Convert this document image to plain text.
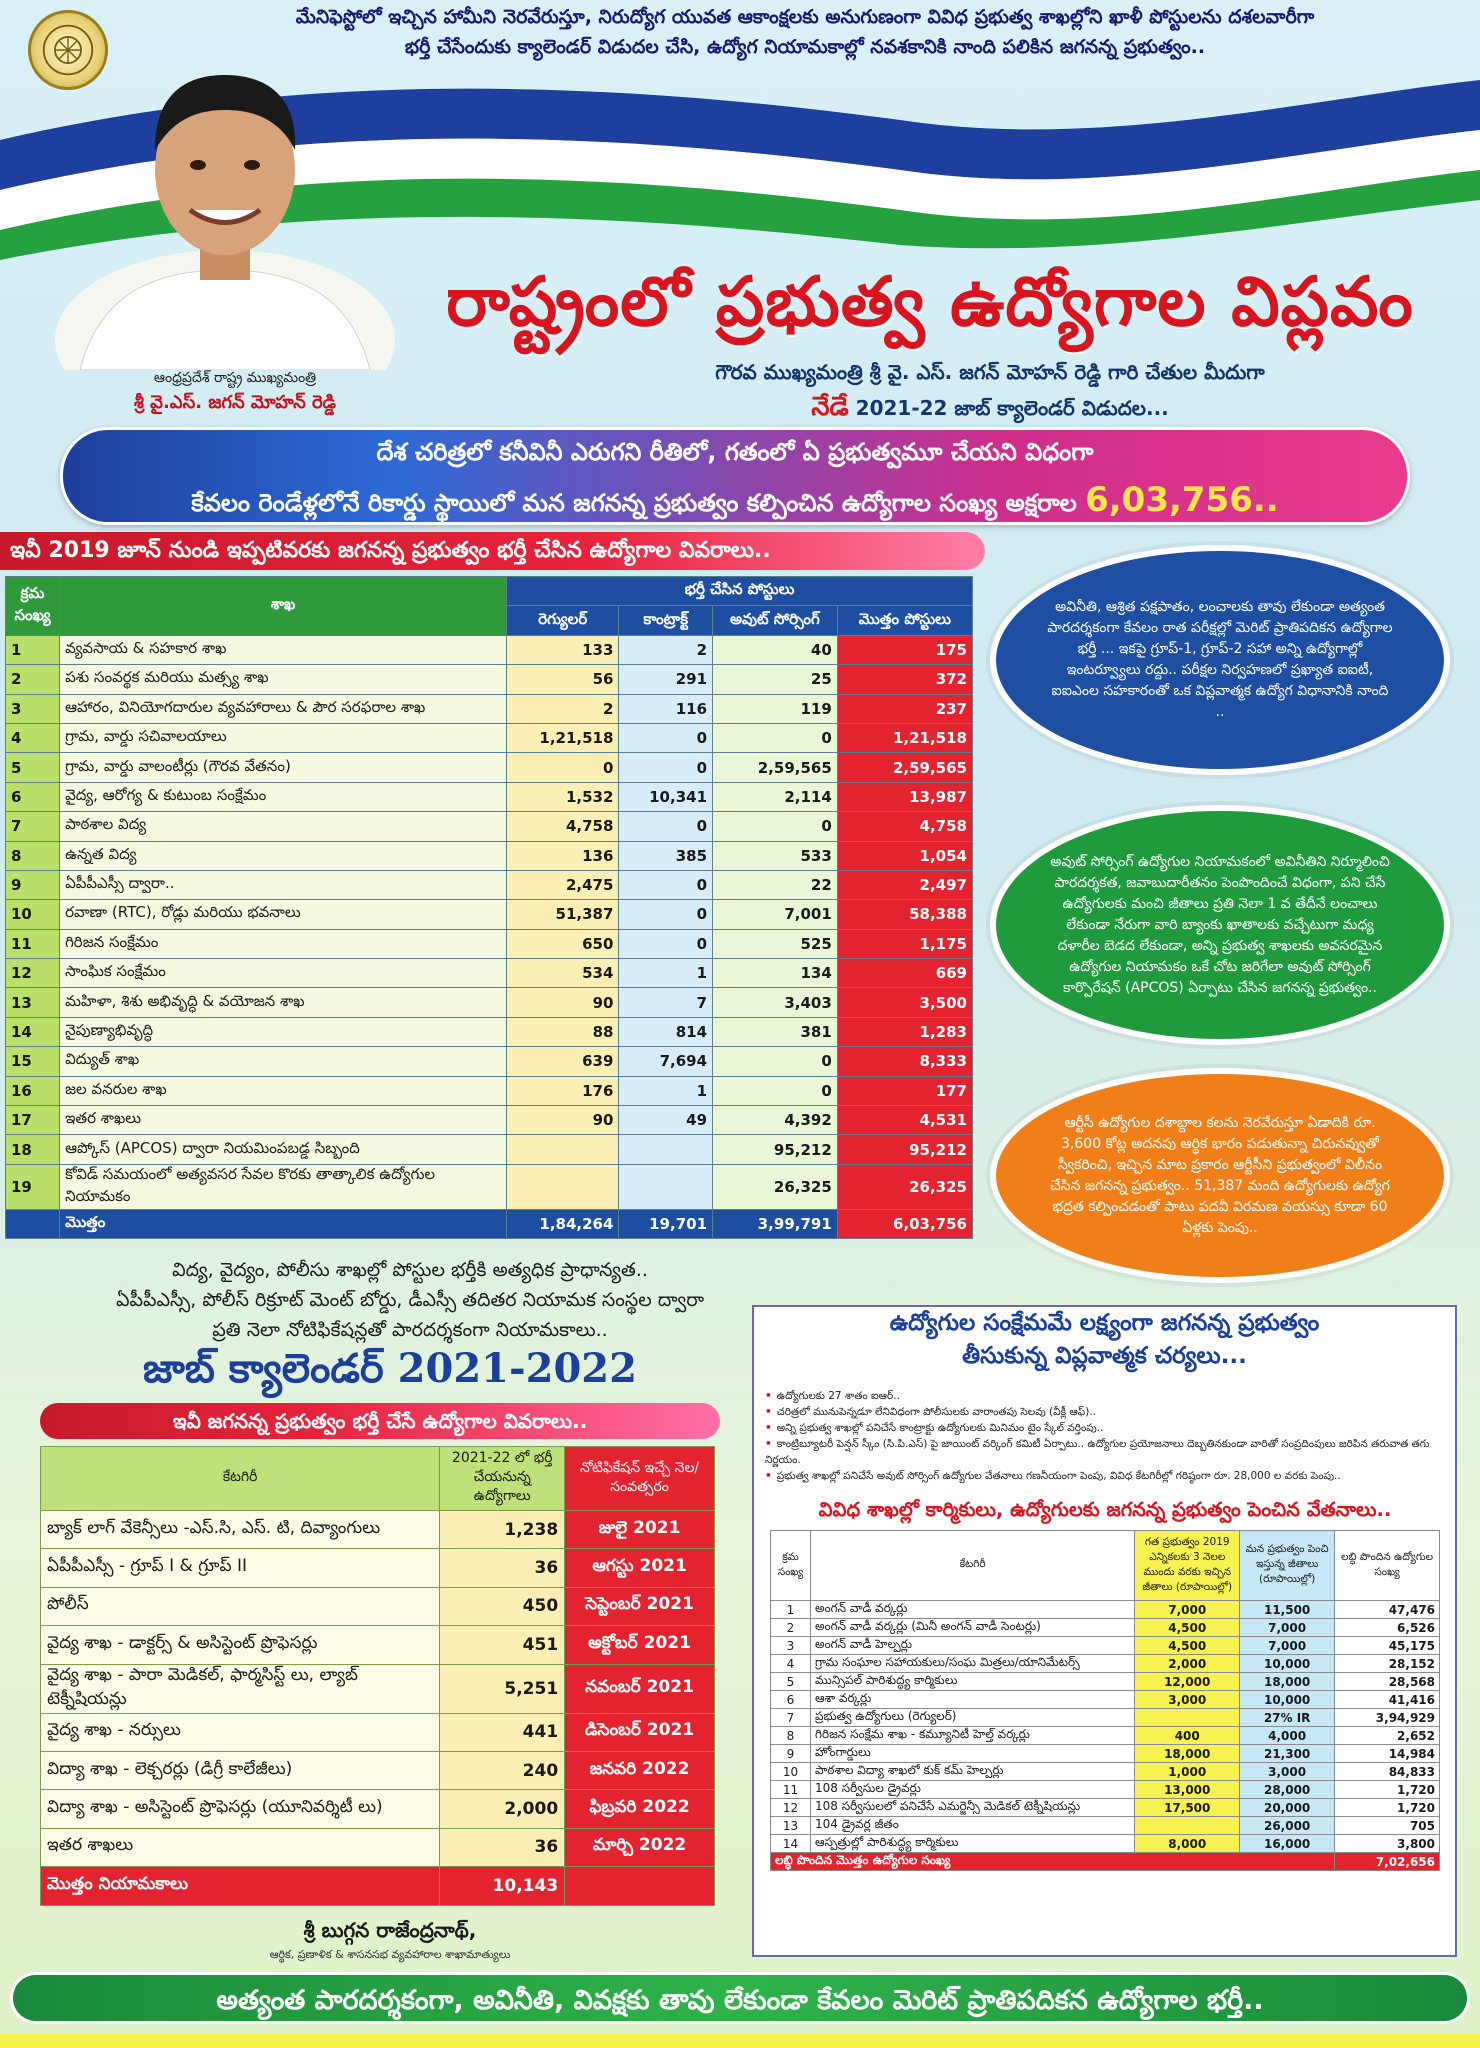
మేనిఫెస్టోలో ఇచ్చిన హామీని నెరవేరుస్తూ, నిరుద్యోగ యువత ఆకాంక్షలకు అనుగుణంగా వివిధ ప్రభుత్వ శాఖల్లోని ఖాళీ పోస్టులను దశలవారీగా
భర్తీ చేసేందుకు క్యాలెండర్ విడుదల చేసి, ఉద్యోగ నియామకాల్లో నవశకానికి నాంది పలికిన జగనన్న ప్రభుత్వం..
ఆంధ్రప్రదేశ్ రాష్ట్ర ముఖ్యమంత్రి
శ్రీ వై.ఎస్. జగన్ మోహన్ రెడ్డి
రాష్ట్రంలో ప్రభుత్వ ఉద్యోగాల విప్లవం
గౌరవ ముఖ్యమంత్రి శ్రీ వై. ఎస్. జగన్ మోహన్ రెడ్డి గారి చేతుల మీదుగా
నేడే 2021-22 జాబ్ క్యాలెండర్ విడుదల...
దేశ చరిత్రలో కనీవినీ ఎరుగని రీతిలో, గతంలో ఏ ప్రభుత్వమూ చేయని విధంగా
కేవలం రెండేళ్లలోనే రికార్డు స్థాయిలో మన జగనన్న ప్రభుత్వం కల్పించిన ఉద్యోగాల సంఖ్య అక్షరాల 6,03,756..
ఇవీ 2019 జూన్ నుండి ఇప్పటివరకు జగనన్న ప్రభుత్వం భర్తీ చేసిన ఉద్యోగాల వివరాలు..
క్రమ సంఖ్య	శాఖ	భర్తీ చేసిన పోస్టులు			
		రెగ్యులర్	కాంట్రాక్ట్	అవుట్ సోర్సింగ్	మొత్తం పోస్టులు
1	వ్యవసాయ & సహకార శాఖ	133	2	40	175
2	పశు సంవర్థక మరియు మత్స్య శాఖ	56	291	25	372
3	ఆహారం, వినియోగదారుల వ్యవహారాలు & పౌర సరఫరాల శాఖ	2	116	119	237
4	గ్రామ, వార్డు సచివాలయాలు	1,21,518	0	0	1,21,518
5	గ్రామ, వార్డు వాలంటీర్లు (గౌరవ వేతనం)	0	0	2,59,565	2,59,565
6	వైద్య, ఆరోగ్య & కుటుంబ సంక్షేమం	1,532	10,341	2,114	13,987
7	పాఠశాల విద్య	4,758	0	0	4,758
8	ఉన్నత విద్య	136	385	533	1,054
9	ఏపీపీఎస్సీ ద్వారా..	2,475	0	22	2,497
10	రవాణా (RTC), రోడ్లు మరియు భవనాలు	51,387	0	7,001	58,388
11	గిరిజన సంక్షేమం	650	0	525	1,175
12	సాంఘిక సంక్షేమం	534	1	134	669
13	మహిళా, శిశు అభివృద్ధి & వయోజన శాఖ	90	7	3,403	3,500
14	నైపుణ్యాభివృద్ధి	88	814	381	1,283
15	విద్యుత్ శాఖ	639	7,694	0	8,333
16	జల వనరుల శాఖ	176	1	0	177
17	ఇతర శాఖలు	90	49	4,392	4,531
18	ఆప్కోస్ (APCOS) ద్వారా నియమింపబడ్డ సిబ్బంది			95,212	95,212
19	కోవిడ్ సమయంలో అత్యవసర సేవల కొరకు తాత్కాలిక ఉద్యోగుల నియామకం			26,325	26,325
	మొత్తం	1,84,264	19,701	3,99,791	6,03,756
అవినీతి, ఆశ్రిత పక్షపాతం, లంచాలకు తావు లేకుండా అత్యంత పారదర్శకంగా కేవలం రాత పరీక్షల్లో మెరిట్ ప్రాతిపదికన ఉద్యోగాల భర్తీ ... ఇకపై గ్రూప్-1, గ్రూప్-2 సహా అన్ని ఉద్యోగాల్లో ఇంటర్వ్యూలు రద్దు.. పరీక్షల నిర్వహణలో ప్రఖ్యాత ఐఐటీ, ఐఐఎంల సహకారంతో ఒక విప్లవాత్మక ఉద్యోగ విధానానికి నాంది ..
అవుట్ సోర్సింగ్ ఉద్యోగుల నియామకంలో అవినీతిని నిర్మూలించి పారదర్శకత, జవాబుదారీతనం పెంపొందించే విధంగా, పని చేసే ఉద్యోగులకు మంచి జీతాలు ప్రతి నెలా 1 వ తేదీనే లంచాలు లేకుండా నేరుగా వారి బ్యాంకు ఖాతాలకు వచ్చేటుగా మధ్య దళారీల బెడద లేకుండా, అన్ని ప్రభుత్వ శాఖలకు అవసరమైన ఉద్యోగుల నియామకం ఒకే చోట జరిగేలా అవుట్ సోర్సింగ్ కార్పొరేషన్ (APCOS) ఏర్పాటు చేసిన జగనన్న ప్రభుత్వం..
ఆర్టీసీ ఉద్యోగుల దశాబ్దాల కలను నెరవేరుస్తూ ఏడాదికి రూ. 3,600 కోట్ల అదనపు ఆర్థిక భారం పడుతున్నా చిరునవ్వుతో స్వీకరించి, ఇచ్చిన మాట ప్రకారం ఆర్టీసీని ప్రభుత్వంలో విలీనం చేసిన జగనన్న ప్రభుత్వం.. 51,387 మంది ఉద్యోగులకు ఉద్యోగ భద్రత కల్పించడంతో పాటు పదవీ విరమణ వయస్సు కూడా 60 ఏళ్లకు పెంపు..
విద్య, వైద్యం, పోలీసు శాఖల్లో పోస్టుల భర్తీకి అత్యధిక ప్రాధాన్యత..
ఏపీపీఎస్సీ, పోలీస్ రిక్రూట్ మెంట్ బోర్డు, డీఎస్సీ తదితర నియామక సంస్థల ద్వారా
ప్రతి నెలా నోటిఫికేషన్లతో పారదర్శకంగా నియామకాలు..
జాబ్ క్యాలెండర్ 2021-2022
ఇవీ జగనన్న ప్రభుత్వం భర్తీ చేసే ఉద్యోగాల వివరాలు..
కేటగిరీ	2021-22 లో భర్తీ చేయనున్న ఉద్యోగాలు	నోటిఫికేషన్ ఇచ్చే నెల/సంవత్సరం
బ్యాక్ లాగ్ వేకెన్సీలు -ఎస్.సి, ఎస్. టి, దివ్యాంగులు	1,238	జులై 2021
ఏపీపీఎస్సీ - గ్రూప్ I & గ్రూప్ II	36	ఆగస్టు 2021
పోలీస్	450	సెప్టెంబర్ 2021
వైద్య శాఖ - డాక్టర్స్ & అసిస్టెంట్ ప్రొఫెసర్లు	451	అక్టోబర్ 2021
వైద్య శాఖ - పారా మెడికల్, ఫార్మసిస్ట్ లు, ల్యాబ్ టెక్నీషియన్లు	5,251	నవంబర్ 2021
వైద్య శాఖ - నర్సులు	441	డిసెంబర్ 2021
విద్యా శాఖ - లెక్చరర్లు (డిగ్రీ కాలేజీలు)	240	జనవరి 2022
విద్యా శాఖ - అసిస్టెంట్ ప్రొఫెసర్లు (యూనివర్శిటీ లు)	2,000	ఫిబ్రవరి 2022
ఇతర శాఖలు	36	మార్చి 2022
మొత్తం నియామకాలు	10,143	
శ్రీ బుగ్గన రాజేంద్రనాథ్,
ఆర్థిక, ప్రణాళిక & శాసనసభ వ్యవహారాల శాఖామాత్యులు
ఉద్యోగుల సంక్షేమమే లక్ష్యంగా జగనన్న ప్రభుత్వం
తీసుకున్న విప్లవాత్మక చర్యలు...
• ఉద్యోగులకు 27 శాతం ఐఆర్..
• చరిత్రలో మునుపెన్నడూ లేనివిధంగా పోలీసులకు వారాంతపు సెలవు (వీక్లీ ఆఫ్)..
• అన్ని ప్రభుత్వ శాఖల్లో పనిచేసే కాంట్రాక్టు ఉద్యోగులకు మినిమం టైం స్కేల్ వర్తింపు..
• కాంట్రిబ్యూటరీ పెన్షన్ స్కీం (సి.పి.ఎస్) పై జాయింట్ వర్కింగ్ కమిటీ ఏర్పాటు.. ఉద్యోగుల ప్రయోజనాలు దెబ్బతినకుండా వారితో సంప్రదింపులు జరిపిన తరువాత తగు నిర్ణయం.
• ప్రభుత్వ శాఖల్లో పనిచేసే అవుట్ సోర్సింగ్ ఉద్యోగుల వేతనాలు గణనీయంగా పెంపు, వివిధ కేటగిరీల్లో గరిష్ఠంగా రూ. 28,000 ల వరకు పెంపు..
వివిధ శాఖల్లో కార్మికులు, ఉద్యోగులకు జగనన్న ప్రభుత్వం పెంచిన వేతనాలు..
క్రమ సంఖ్య	కేటగిరీ	గత ప్రభుత్వం 2019 ఎన్నికలకు 3 నెలల ముందు వరకు ఇచ్చిన జీతాలు (రూపాయిల్లో)	మన ప్రభుత్వం పెంచి ఇస్తున్న జీతాలు (రూపాయిల్లో)	లబ్ధి పొందిన ఉద్యోగుల సంఖ్య
1	అంగన్ వాడీ వర్కర్లు	7,000	11,500	47,476
2	అంగన్ వాడీ వర్కర్లు (మినీ అంగన్ వాడీ సెంటర్లు)	4,500	7,000	6,526
3	అంగన్ వాడీ హెల్పర్లు	4,500	7,000	45,175
4	గ్రామ సంఘాల సహాయకులు/సంఘ మిత్రలు/యానిమేటర్స్	2,000	10,000	28,152
5	మున్సిపల్ పారిశుద్ధ్య కార్మికులు	12,000	18,000	28,568
6	ఆశా వర్కర్లు	3,000	10,000	41,416
7	ప్రభుత్వ ఉద్యోగులు (రెగ్యులర్)		27% IR	3,94,929
8	గిరిజన సంక్షేమ శాఖ - కమ్యూనిటీ హెల్త్ వర్కర్లు	400	4,000	2,652
9	హోంగార్డులు	18,000	21,300	14,984
10	పాఠశాల విద్యా శాఖలో కుక్ కమ్ హెల్పర్లు	1,000	3,000	84,833
11	108 సర్వీసుల డ్రైవర్లు	13,000	28,000	1,720
12	108 సర్వీసులలో పనిచేసే ఎమర్జెన్సీ మెడికల్ టెక్నీషియన్లు	17,500	20,000	1,720
13	104 డ్రైవర్ల జీతం		26,000	705
14	ఆస్పత్రుల్లో పారిశుద్ధ్య కార్మికులు	8,000	16,000	3,800
లబ్ధి పొందిన మొత్తం ఉద్యోగుల సంఖ్య				7,02,656
అత్యంత పారదర్శకంగా, అవినీతి, వివక్షకు తావు లేకుండా కేవలం మెరిట్ ప్రాతిపదికన ఉద్యోగాల భర్తీ..
